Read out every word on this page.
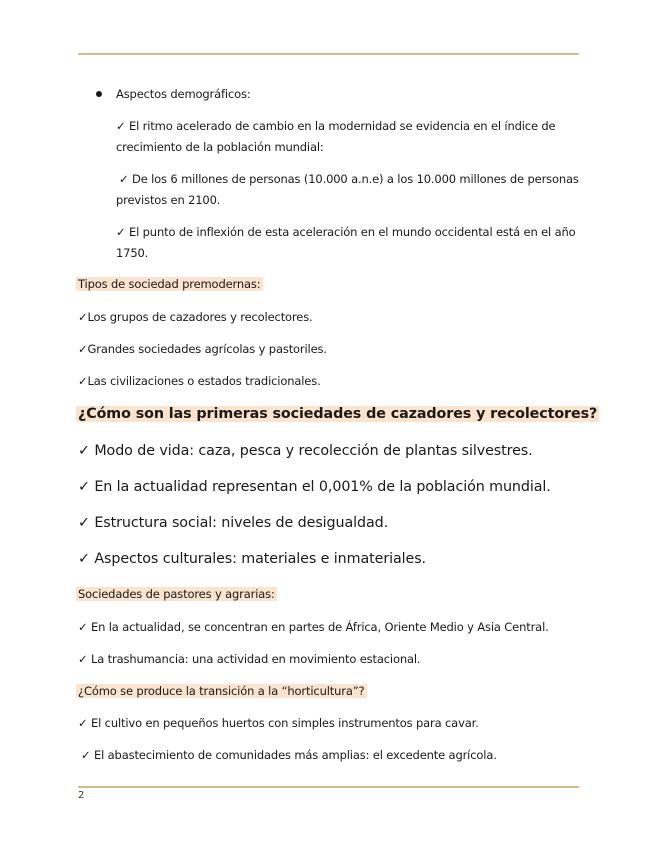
Aspectos demográficos:
✓ El ritmo acelerado de cambio en la modernidad se evidencia en el índice de
crecimiento de la población mundial:
✓ De los 6 millones de personas (10.000 a.n.e) a los 10.000 millones de personas
previstos en 2100.
✓ El punto de inflexión de esta aceleración en el mundo occidental está en el año
1750.
Tipos de sociedad premodernas:
✓Los grupos de cazadores y recolectores.
✓Grandes sociedades agrícolas y pastoriles.
✓Las civilizaciones o estados tradicionales.
¿Cómo son las primeras sociedades de cazadores y recolectores?
✓ Modo de vida: caza, pesca y recolección de plantas silvestres.
✓ En la actualidad representan el 0,001% de la población mundial.
✓ Estructura social: niveles de desigualdad.
✓ Aspectos culturales: materiales e inmateriales.
Sociedades de pastores y agrarias:
✓ En la actualidad, se concentran en partes de África, Oriente Medio y Asia Central.
✓ La trashumancia: una actividad en movimiento estacional.
¿Cómo se produce la transición a la “horticultura”?
✓ El cultivo en pequeños huertos con simples instrumentos para cavar.
✓ El abastecimiento de comunidades más amplias: el excedente agrícola.
2
